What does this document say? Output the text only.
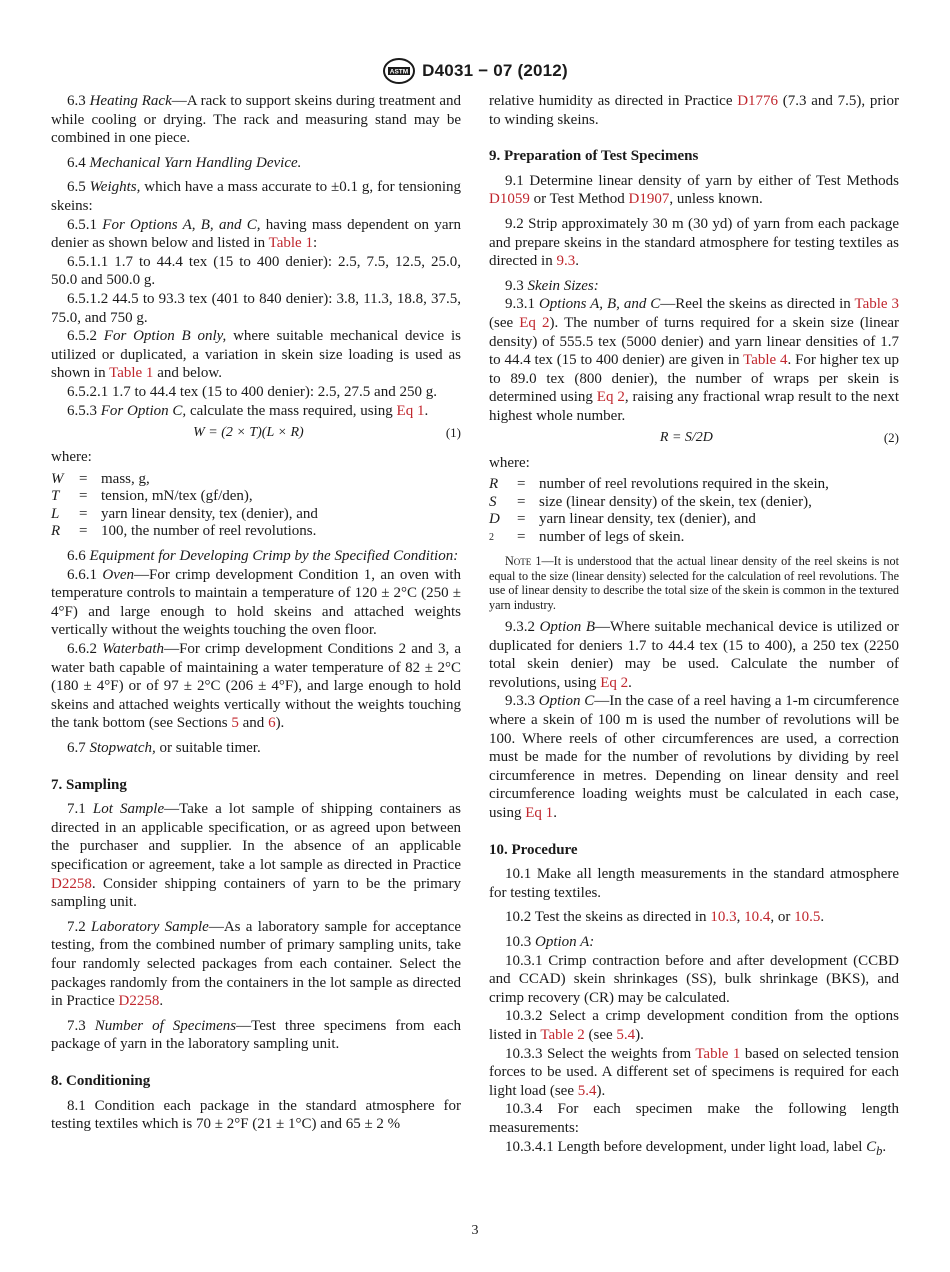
ASTM D4031 − 07 (2012)

6.3 Heating Rack—A rack to support skeins during treatment and while cooling or drying. The rack and measuring stand may be combined in one piece.

6.4 Mechanical Yarn Handling Device.

6.5 Weights, which have a mass accurate to ±0.1 g, for tensioning skeins:

6.5.1 For Options A, B, and C, having mass dependent on yarn denier as shown below and listed in Table 1:

6.5.1.1 1.7 to 44.4 tex (15 to 400 denier): 2.5, 7.5, 12.5, 25.0, 50.0 and 500.0 g.

6.5.1.2 44.5 to 93.3 tex (401 to 840 denier): 3.8, 11.3, 18.8, 37.5, 75.0, and 750 g.

6.5.2 For Option B only, where suitable mechanical device is utilized or duplicated, a variation in skein size loading is used as shown in Table 1 and below.

6.5.2.1 1.7 to 44.4 tex (15 to 400 denier): 2.5, 27.5 and 250 g.

6.5.3 For Option C, calculate the mass required, using Eq 1.

W = (2 × T)(L × R)	(1)

where:

W	= mass, g,
T	= tension, mN/tex (gf/den),
L	= yarn linear density, tex (denier), and
R	= 100, the number of reel revolutions.

6.6 Equipment for Developing Crimp by the Specified Condition:

6.6.1 Oven—For crimp development Condition 1, an oven with temperature controls to maintain a temperature of 120 ± 2°C (250 ± 4°F) and large enough to hold skeins and attached weights vertically without the weights touching the oven floor.

6.6.2 Waterbath—For crimp development Conditions 2 and 3, a water bath capable of maintaining a water temperature of 82 ± 2°C (180 ± 4°F) or of 97 ± 2°C (206 ± 4°F), and large enough to hold skeins and attached weights vertically without the weights touching the tank bottom (see Sections 5 and 6).

6.7 Stopwatch, or suitable timer.

7. Sampling

7.1 Lot Sample—Take a lot sample of shipping containers as directed in an applicable specification, or as agreed upon between the purchaser and supplier. In the absence of an applicable specification or agreement, take a lot sample as directed in Practice D2258. Consider shipping containers of yarn to be the primary sampling unit.

7.2 Laboratory Sample—As a laboratory sample for acceptance testing, from the combined number of primary sampling units, take four randomly selected packages from each container. Select the packages randomly from the containers in the lot sample as directed in Practice D2258.

7.3 Number of Specimens—Test three specimens from each package of yarn in the laboratory sampling unit.

8. Conditioning

8.1 Condition each package in the standard atmosphere for testing textiles which is 70 ± 2°F (21 ± 1°C) and 65 ± 2 %

relative humidity as directed in Practice D1776 (7.3 and 7.5), prior to winding skeins.

9. Preparation of Test Specimens

9.1 Determine linear density of yarn by either of Test Methods D1059 or Test Method D1907, unless known.

9.2 Strip approximately 30 m (30 yd) of yarn from each package and prepare skeins in the standard atmosphere for testing textiles as directed in 9.3.

9.3 Skein Sizes:

9.3.1 Options A, B, and C—Reel the skeins as directed in Table 3 (see Eq 2). The number of turns required for a skein size (linear density) of 555.5 tex (5000 denier) and yarn linear densities of 1.7 to 44.4 tex (15 to 400 denier) are given in Table 4. For higher tex up to 89.0 tex (800 denier), the number of wraps per skein is determined using Eq 2, raising any fractional wrap result to the next highest whole number.

R = S/2D	(2)

where:

R	= number of reel revolutions required in the skein,
S	= size (linear density) of the skein, tex (denier),
D	= yarn linear density, tex (denier), and
2	= number of legs of skein.

Note 1—It is understood that the actual linear density of the reel skeins is not equal to the size (linear density) selected for the calculation of reel revolutions. The use of linear density to describe the total size of the skein is common in the textured yarn industry.

9.3.2 Option B—Where suitable mechanical device is utilized or duplicated for deniers 1.7 to 44.4 tex (15 to 400), a 250 tex (2250 total skein denier) may be used. Calculate the number of revolutions, using Eq 2.

9.3.3 Option C—In the case of a reel having a 1-m circumference where a skein of 100 m is used the number of revolutions will be 100. Where reels of other circumferences are used, a correction must be made for the number of revolutions by dividing by reel circumference in metres. Depending on linear density and reel circumference loading weights must be calculated in each case, using Eq 1.

10. Procedure

10.1 Make all length measurements in the standard atmosphere for testing textiles.

10.2 Test the skeins as directed in 10.3, 10.4, or 10.5.

10.3 Option A:

10.3.1 Crimp contraction before and after development (CCBD and CCAD) skein shrinkages (SS), bulk shrinkage (BKS), and crimp recovery (CR) may be calculated.

10.3.2 Select a crimp development condition from the options listed in Table 2 (see 5.4).

10.3.3 Select the weights from Table 1 based on selected tension forces to be used. A different set of specimens is required for each light load (see 5.4).

10.3.4 For each specimen make the following length measurements:

10.3.4.1 Length before development, under light load, label $C_b$.

3
